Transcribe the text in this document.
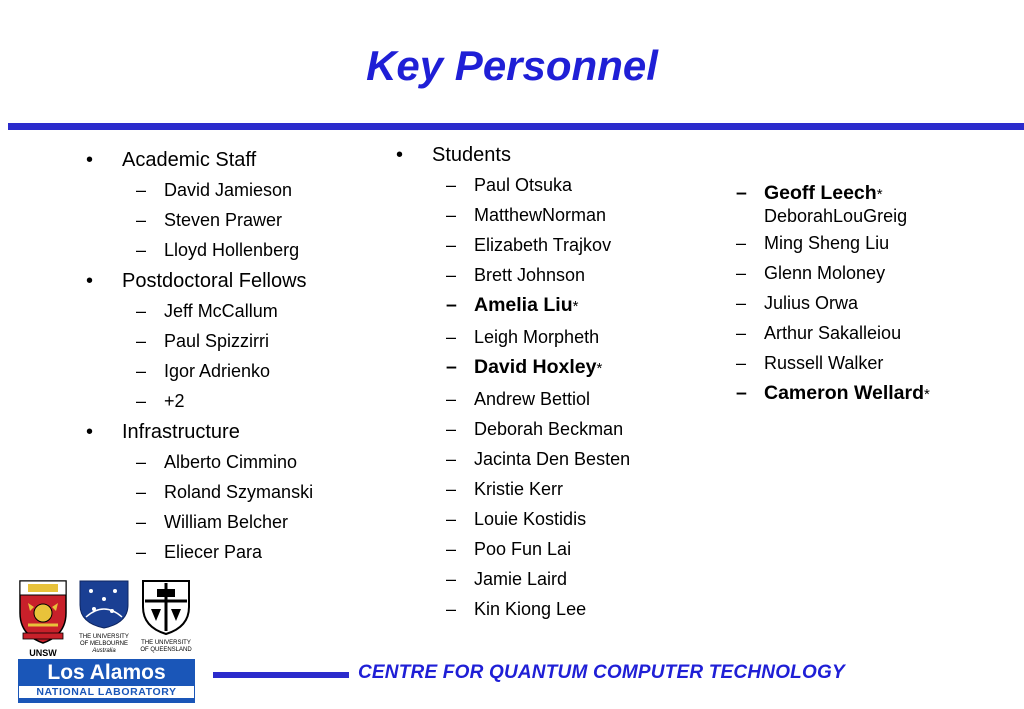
Key Personnel
• Academic Staff
– David Jamieson
– Steven Prawer
– Lloyd Hollenberg
• Postdoctoral Fellows
– Jeff McCallum
– Paul Spizzirri
– Igor Adrienko
– +2
• Infrastructure
– Alberto Cimmino
– Roland Szymanski
– William Belcher
– Eliecer Para
• Students
– Paul Otsuka
– MatthewNorman
– Elizabeth Trajkov
– Brett Johnson
– Amelia Liu*
– Leigh Morpheth
– David Hoxley*
– Andrew Bettiol
– Deborah Beckman
– Jacinta Den Besten
– Kristie Kerr
– Louie Kostidis
– Poo Fun Lai
– Jamie Laird
– Kin Kiong Lee
– Geoff Leech*
DeborahLouGreig
– Ming Sheng Liu
– Glenn Moloney
– Julius Orwa
– Arthur Sakalleiou
– Russell Walker
– Cameron Wellard*
UNSW
THE UNIVERSITY OF MELBOURNE
Australia
THE UNIVERSITY OF QUEENSLAND
Los Alamos
NATIONAL LABORATORY
CENTRE FOR QUANTUM COMPUTER TECHNOLOGY
